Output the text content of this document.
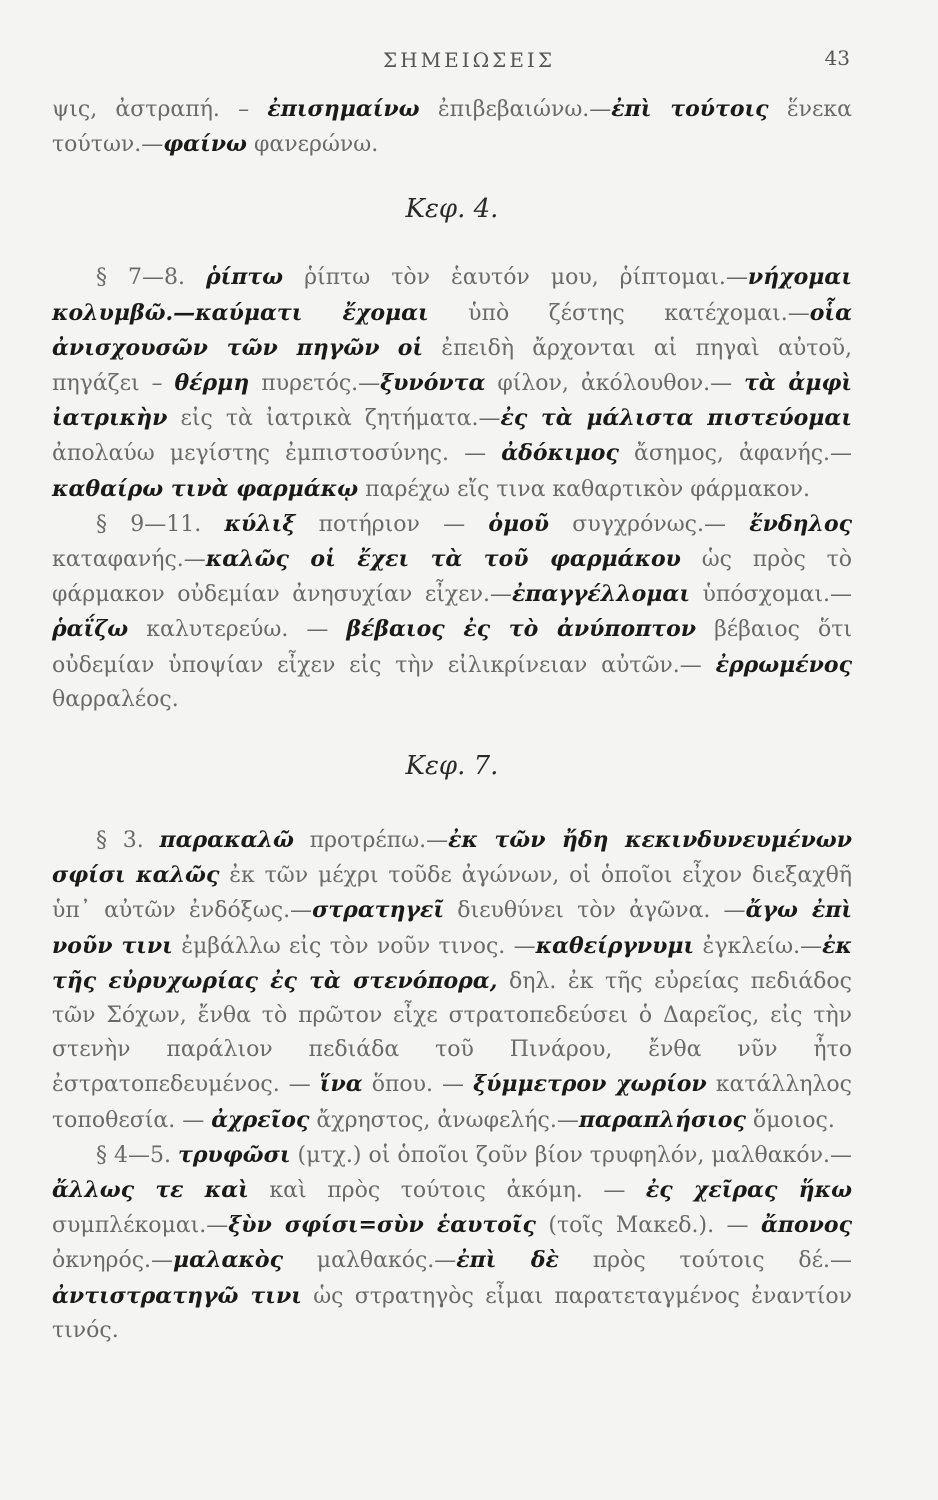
ΣΗΜΕΙΩΣΕΙΣ	43

ψις, ἀστραπή. – ἐπισημαίνω ἐπιβεβαιώνω.—ἐπὶ τούτοις ἕνεκα τούτων.—φαίνω φανερώνω.

Κεφ. 4.

§ 7—8. ῥίπτω ῥίπτω τὸν ἑαυτόν μου, ῥίπτομαι.—νήχομαι κολυμβῶ.—καύματι ἔχομαι ὑπὸ ζέστης κατέχομαι.—οἷα ἀνισχουσῶν τῶν πηγῶν οἱ ἐπειδὴ ἄρχονται αἱ πηγαὶ αὐτοῦ, πηγάζει – θέρμη πυρετός.—ξυνόντα φίλον, ἀκόλουθον.— τὰ ἀμφὶ ἰατρικὴν εἰς τὰ ἰατρικὰ ζητήματα.—ἐς τὰ μάλιστα πιστεύομαι ἀπολαύω μεγίστης ἐμπιστοσύνης. — ἀδόκιμος ἄσημος, ἀφανής.—καθαίρω τινὰ φαρμάκῳ παρέχω εἴς τινα καθαρτικὸν φάρμακον.

§ 9—11. κύλιξ ποτήριον — ὁμοῦ συγχρόνως.— ἔνδηλος καταφανής.—καλῶς οἱ ἔχει τὰ τοῦ φαρμάκου ὡς πρὸς τὸ φάρμακον οὐδεμίαν ἀνησυχίαν εἶχεν.—ἐπαγγέλλομαι ὑπόσχομαι.—ῥαΐζω καλυτερεύω. — βέβαιος ἐς τὸ ἀνύποπτον βέβαιος ὅτι οὐδεμίαν ὑποψίαν εἶχεν εἰς τὴν εἰλικρίνειαν αὐτῶν.— ἐρρωμένος θαρραλέος.

Κεφ. 7.

§ 3. παρακαλῶ προτρέπω.—ἐκ τῶν ἤδη κεκινδυνευμένων σφίσι καλῶς ἐκ τῶν μέχρι τοῦδε ἀγώνων, οἱ ὁποῖοι εἶχον διεξαχθῆ ὑπ᾿ αὐτῶν ἐνδόξως.—στρατηγεῖ διευθύνει τὸν ἀγῶνα. —ἄγω ἐπὶ νοῦν τινι ἐμβάλλω εἰς τὸν νοῦν τινος. —καθείργνυμι ἐγκλείω.—ἐκ τῆς εὐρυχωρίας ἐς τὰ στενόπορα, δηλ. ἐκ τῆς εὐρείας πεδιάδος τῶν Σόχων, ἔνθα τὸ πρῶτον εἶχε στρατοπεδεύσει ὁ Δαρεῖος, εἰς τὴν στενὴν παράλιον πεδιάδα τοῦ Πινάρου, ἔνθα νῦν ἦτο ἐστρατοπεδευμένος. — ἵνα ὅπου. — ξύμμετρον χωρίον κατάλληλος τοποθεσία. — ἀχρεῖος ἄχρηστος, ἀνωφελής.—παραπλήσιος ὅμοιος.

§ 4—5. τρυφῶσι (μτχ.) οἱ ὁποῖοι ζοῦν βίον τρυφηλόν, μαλθακόν.—ἄλλως τε καὶ καὶ πρὸς τούτοις ἀκόμη. — ἐς χεῖρας ἥκω συμπλέκομαι.—ξὺν σφίσι=σὺν ἑαυτοῖς (τοῖς Μακεδ.). — ἄπονος ὀκνηρός.—μαλακὸς μαλθακός.—ἐπὶ δὲ πρὸς τούτοις δέ.— ἀντιστρατηγῶ τινι ὡς στρατηγὸς εἶμαι παρατεταγμένος ἐναντίον τινός.
